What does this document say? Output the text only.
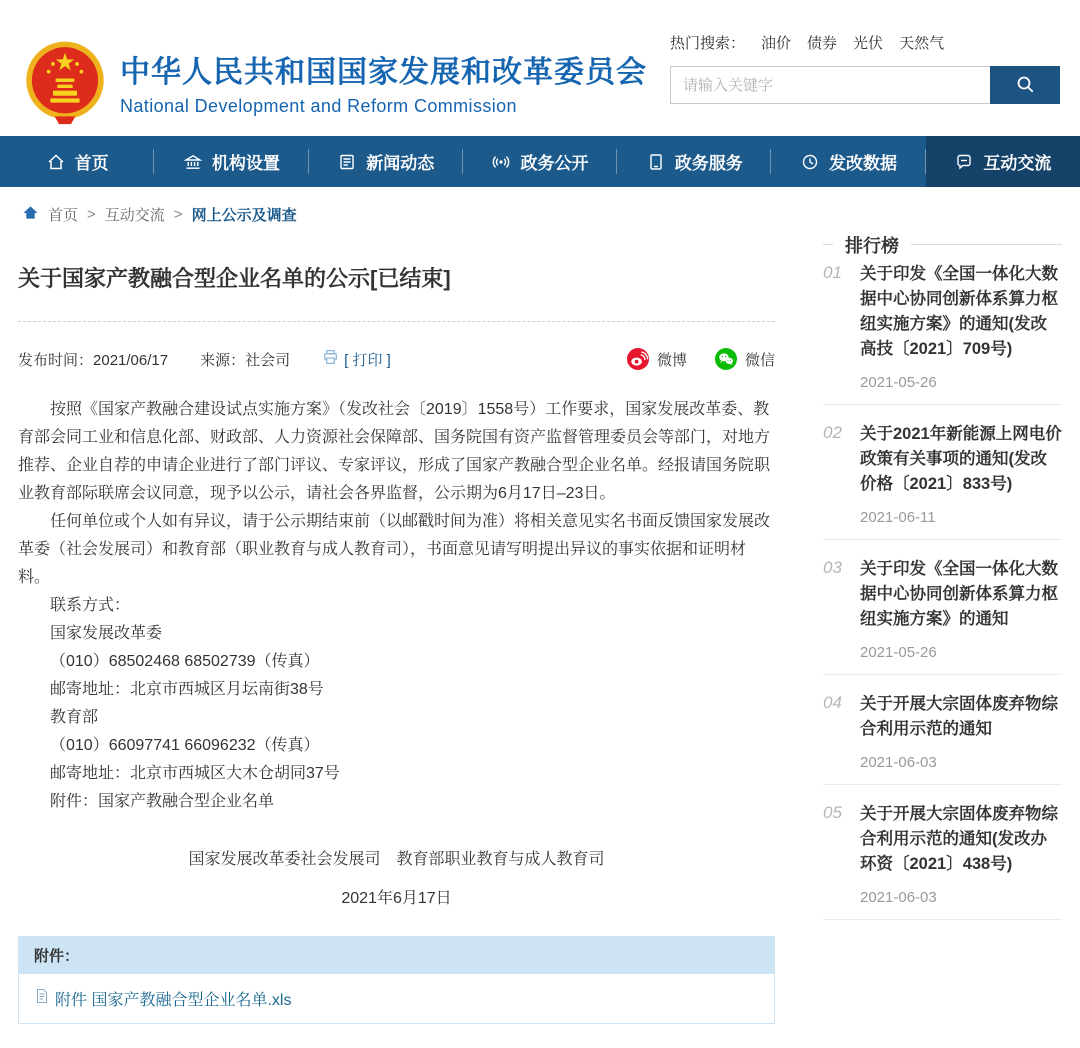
中华人民共和国国家发展和改革委员会
National Development and Reform Commission
热门搜索： 油价 债券 光伏 天然气
请输入关键字
首页	机构设置	新闻动态	政务公开	政务服务	发改数据	互动交流
首页 > 互动交流 > 网上公示及调查
关于国家产教融合型企业名单的公示[已结束]
发布时间：2021/06/17 来源：社会司	[ 打印 ]	微博	微信

按照《国家产教融合建设试点实施方案》（发改社会〔2019〕1558号）工作要求，国家发展改革委、教育部会同工业和信息化部、财政部、人力资源社会保障部、国务院国有资产监督管理委员会等部门，对地方推荐、企业自荐的申请企业进行了部门评议、专家评议，形成了国家产教融合型企业名单。经报请国务院职业教育部际联席会议同意，现予以公示，请社会各界监督，公示期为6月17日–23日。

任何单位或个人如有异议，请于公示期结束前（以邮戳时间为准）将相关意见实名书面反馈国家发展改革委（社会发展司）和教育部（职业教育与成人教育司），书面意见请写明提出异议的事实依据和证明材料。

联系方式：

国家发展改革委

（010）68502468 68502739（传真）

邮寄地址：北京市西城区月坛南街38号

教育部

（010）66097741 66096232（传真）

邮寄地址：北京市西城区大木仓胡同37号

附件：国家产教融合型企业名单

国家发展改革委社会发展司　教育部职业教育与成人教育司
2021年6月17日
附件：
附件 国家产教融合型企业名单.xls
排行榜
01	关于印发《全国一体化大数据中心协同创新体系算力枢纽实施方案》的通知(发改高技〔2021〕709号)
2021-05-26
02	关于2021年新能源上网电价政策有关事项的通知(发改价格〔2021〕833号)
2021-06-11
03	关于印发《全国一体化大数据中心协同创新体系算力枢纽实施方案》的通知
2021-05-26
04	关于开展大宗固体废弃物综合利用示范的通知
2021-06-03
05	关于开展大宗固体废弃物综合利用示范的通知(发改办环资〔2021〕438号)
2021-06-03
